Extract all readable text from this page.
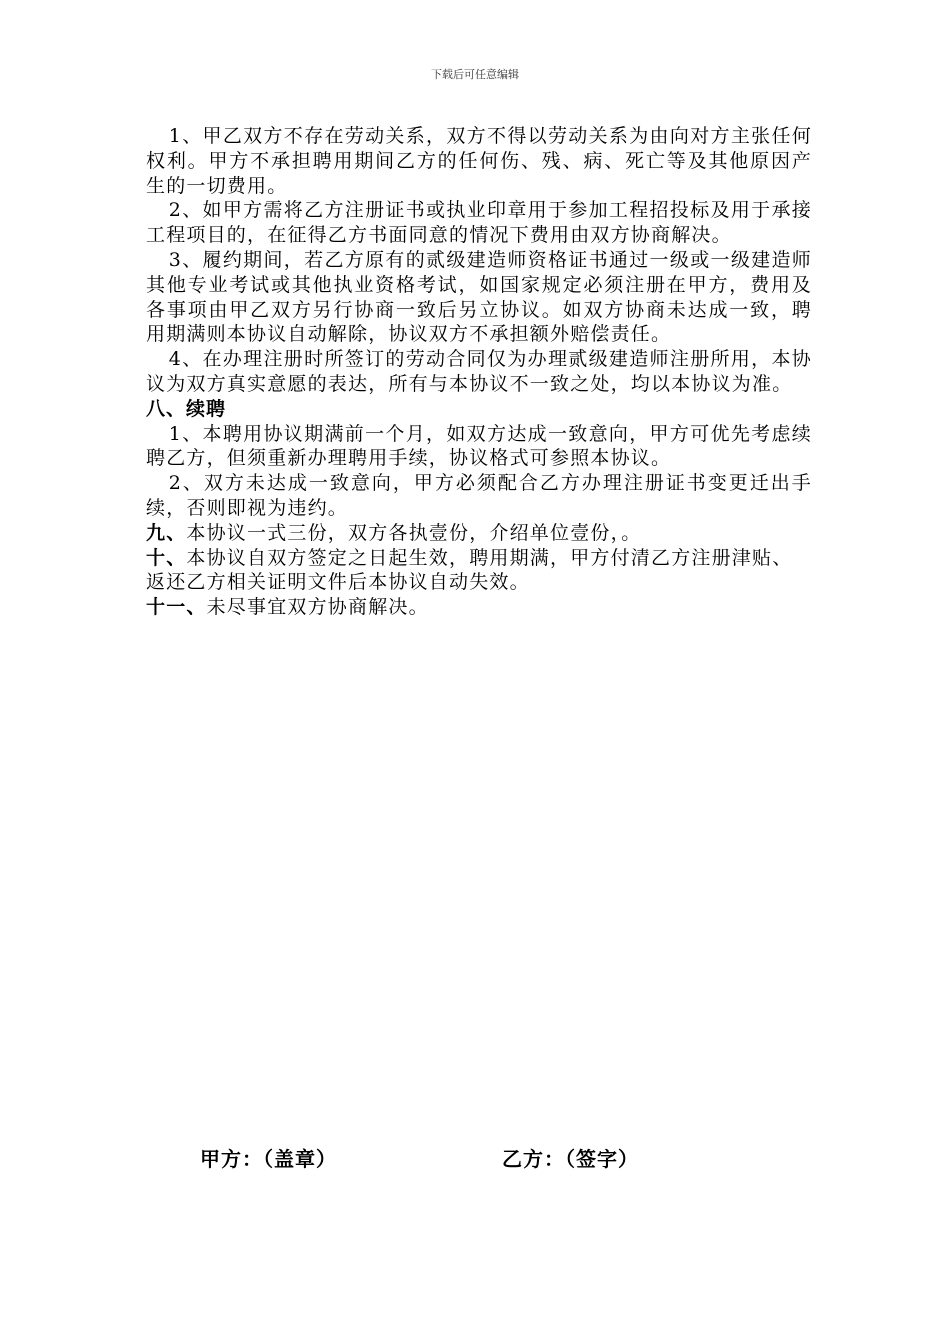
下载后可任意编辑

1、甲乙双方不存在劳动关系，双方不得以劳动关系为由向对方主张任何权利。甲方不承担聘用期间乙方的任何伤、残、病、死亡等及其他原因产生的一切费用。

2、如甲方需将乙方注册证书或执业印章用于参加工程招投标及用于承接工程项目的，在征得乙方书面同意的情况下费用由双方协商解决。

3、履约期间，若乙方原有的贰级建造师资格证书通过一级或一级建造师其他专业考试或其他执业资格考试，如国家规定必须注册在甲方，费用及各事项由甲乙双方另行协商一致后另立协议。如双方协商未达成一致，聘用期满则本协议自动解除，协议双方不承担额外赔偿责任。

4、在办理注册时所签订的劳动合同仅为办理贰级建造师注册所用，本协议为双方真实意愿的表达，所有与本协议不一致之处，均以本协议为准。

八、续聘

1、本聘用协议期满前一个月，如双方达成一致意向，甲方可优先考虑续聘乙方，但须重新办理聘用手续，协议格式可参照本协议。

2、双方未达成一致意向，甲方必须配合乙方办理注册证书变更迁出手续，否则即视为违约。

九、本协议一式三份，双方各执壹份，介绍单位壹份，。

十、本协议自双方签定之日起生效，聘用期满，甲方付清乙方注册津贴、返还乙方相关证明文件后本协议自动失效。

十一、未尽事宜双方协商解决。

甲方：（盖章）	乙方：（签字）
